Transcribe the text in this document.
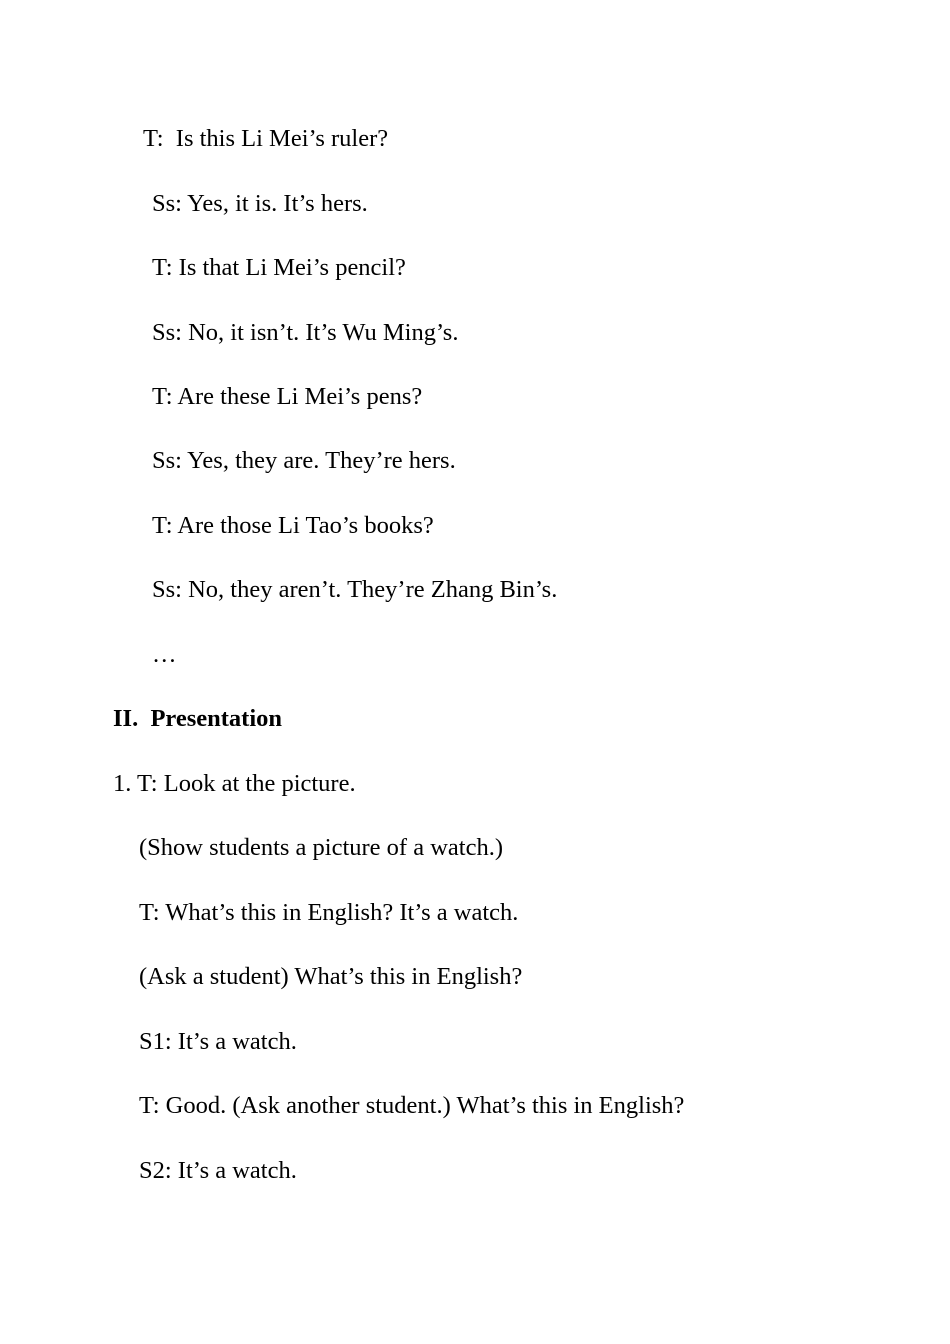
T:  Is this Li Mei’s ruler?
Ss: Yes, it is. It’s hers.
T: Is that Li Mei’s pencil?
Ss: No, it isn’t. It’s Wu Ming’s.
T: Are these Li Mei’s pens?
Ss: Yes, they are. They’re hers.
T: Are those Li Tao’s books?
Ss: No, they aren’t. They’re Zhang Bin’s.
…
II.  Presentation
1. T: Look at the picture.
(Show students a picture of a watch.)
T: What’s this in English? It’s a watch.
(Ask a student) What’s this in English?
S1: It’s a watch.
T: Good. (Ask another student.) What’s this in English?
S2: It’s a watch.
